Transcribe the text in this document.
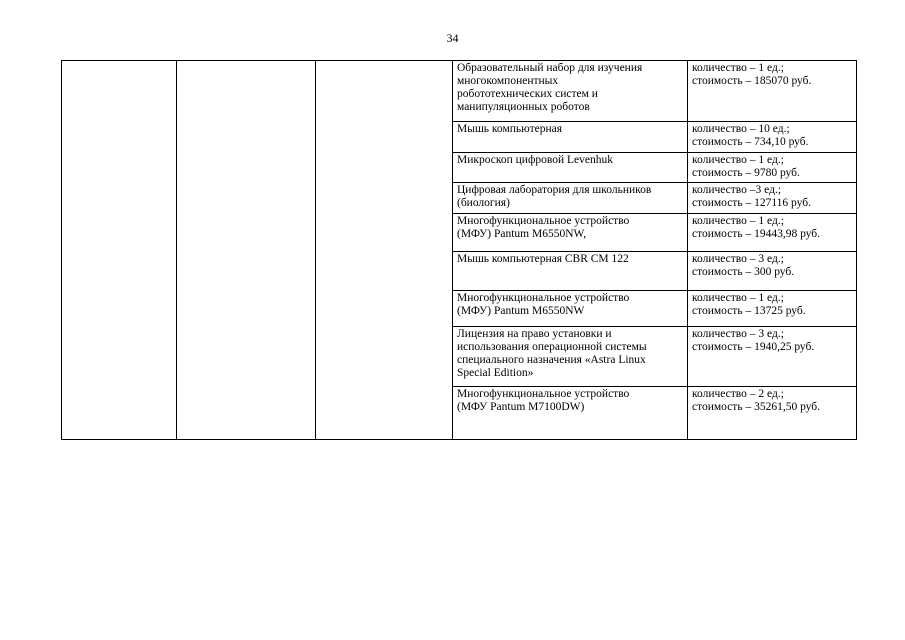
34

			Образовательный набор для изучения
многокомпонентных
робототехнических систем и
манипуляционных роботов	количество – 1 ед.;
стоимость – 185070 руб.

			Мышь компьютерная	количество – 10 ед.;
стоимость – 734,10 руб.

			Микроскоп цифровой Levenhuk	количество – 1 ед.;
стоимость – 9780 руб.

			Цифровая лаборатория для школьников
(биология)	количество –3 ед.;
стоимость – 127116 руб.

			Многофункциональное устройство
(МФУ) Pantum M6550NW,	количество – 1 ед.;
стоимость – 19443,98 руб.

			Мышь компьютерная CBR CM 122	количество – 3 ед.;
стоимость – 300 руб.

			Многофункциональное устройство
(МФУ) Pantum M6550NW	количество – 1 ед.;
стоимость – 13725 руб.

			Лицензия на право установки и
использования операционной системы
специального назначения «Astra Linux
Special Edition»	количество – 3 ед.;
стоимость – 1940,25 руб.

			Многофункциональное устройство
(МФУ Pantum M7100DW)	количество – 2 ед.;
стоимость – 35261,50 руб.
